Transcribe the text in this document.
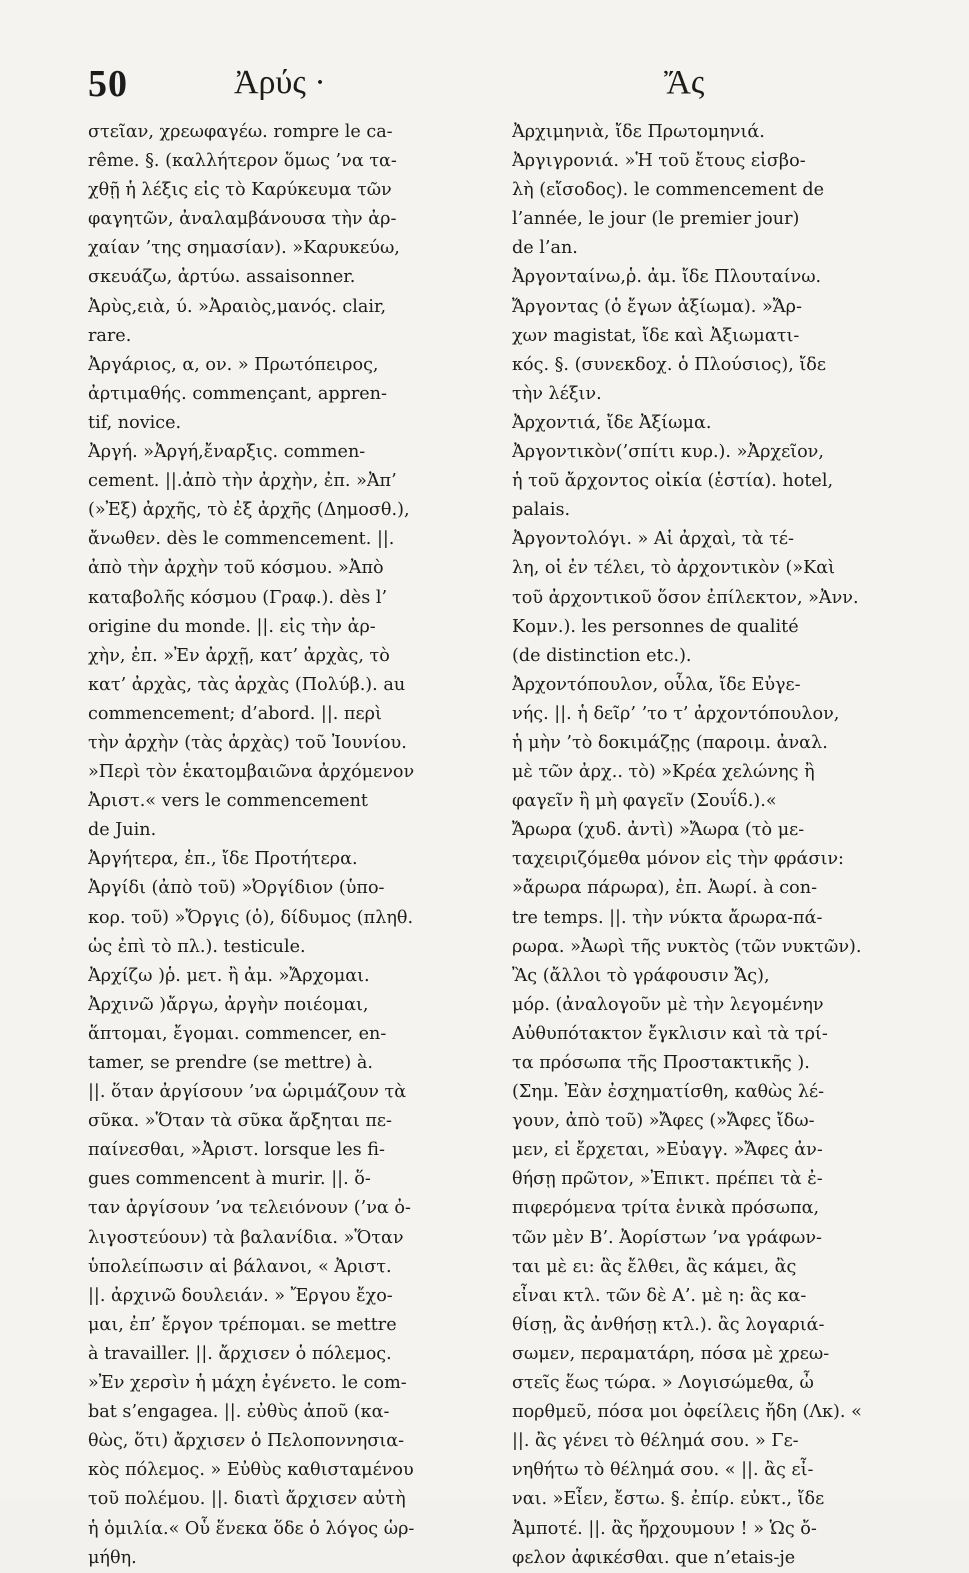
50	Ἀρύς ·	Ἄς
στεῖαν, χρεωφαγέω. rompre le ca-
rême. §. (καλλήτερον ὅμως ’να τα-
χθῇ ἡ λέξις εἰς τὸ Καρύκευμα τῶν
φαγητῶν, ἀναλαμβάνουσα τὴν ἀρ-
χαίαν ’της σημασίαν). »Καρυκεύω,
σκευάζω, ἀρτύω. assaisonner.
Ἀρὺς,ειὰ, ύ. »Ἀραιὸς,μανός. clair,
rare.
Ἀργάριος, α, ον. » Πρωτόπειρος,
ἀρτιμαθής. commençant, appren-
tif, novice.
Ἀργή. »Ἀργή,ἔναρξις. commen-
cement. ||.ἀπὸ τὴν ἀρχὴν, ἐπ. »Ἀπ’
(»Ἐξ) ἀρχῆς, τὸ ἐξ ἀρχῆς (Δημοσθ.),
ἄνωθεν. dès le commencement. ||.
ἀπὸ τὴν ἀρχὴν τοῦ κόσμου. »Ἀπὸ
καταβολῆς κόσμου (Γραφ.). dès l’
origine du monde. ||. εἰς τὴν ἀρ-
χὴν, ἐπ. »Ἐν ἀρχῇ, κατ’ ἀρχὰς, τὸ
κατ’ ἀρχὰς, τὰς ἀρχὰς (Πολύβ.). au
commencement; d’abord. ||. περὶ
τὴν ἀρχὴν (τὰς ἀρχὰς) τοῦ Ἰουνίου.
»Περὶ τὸν ἑκατομβαιῶνα ἀρχόμενον
Ἀριστ.« vers le commencement
de Juin.
Ἀργήτερα, ἐπ., ἴδε Προτήτερα.
Ἀργίδι (ἀπὸ τοῦ) »Ὀργίδιον (ὑπο-
κορ. τοῦ) »Ὄργις (ὁ), δίδυμος (πληθ.
ὡς ἐπὶ τὸ πλ.). testicule.
Ἀρχίζω )ῥ. μετ. ἢ ἀμ. »Ἄρχομαι.
Ἀρχινῶ )ἄργω, ἀργὴν ποιέομαι,
ἅπτομαι, ἔγομαι. commencer, en-
tamer, se prendre (se mettre) à.
||. ὅταν ἀργίσουν ’να ὡριμάζουν τὰ
σῦκα. »Ὅταν τὰ σῦκα ἄρξηται πε-
παίνεσθαι, »Ἀριστ. lorsque les fi-
gues commencent à murir. ||. ὅ-
ταν ἀργίσουν ’να τελειόνουν (’να ὀ-
λιγοστεύουν) τὰ βαλανίδια. »Ὅταν
ὑπολείπωσιν αἱ βάλανοι, « Ἀριστ.
||. ἀρχινῶ δουλειάν. » Ἔργου ἔχο-
μαι, ἐπ’ ἔργον τρέπομαι. se mettre
à travailler. ||. ἄρχισεν ὁ πόλεμος.
»Ἐν χερσὶν ἡ μάχη ἐγένετο. le com-
bat s’engagea. ||. εὐθὺς ἀποῦ (κα-
θὼς, ὅτι) ἄρχισεν ὁ Πελοποννησια-
κὸς πόλεμος. » Εὐθὺς καθισταμένου
τοῦ πολέμου. ||. διατὶ ἄρχισεν αὐτὴ
ἡ ὁμιλία.« Οὗ ἕνεκα ὅδε ὁ λόγος ὡρ-
μήθη.
Ἀρχιμηνιὰ, ἴδε Πρωτομηνιά.
Ἀργιγρονιά. »Ἡ τοῦ ἔτους εἰσβο-
λὴ (εἴσοδος). le commencement de
l’année, le jour (le premier jour)
de l’an.
Ἀργονταίνω,ῥ. ἀμ. ἴδε Πλουταίνω.
Ἄργοντας (ὁ ἔγων ἀξίωμα). »Ἄρ-
χων magistat, ἴδε καὶ Ἀξιωματι-
κός. §. (συνεκδοχ. ὁ Πλούσιος), ἴδε
τὴν λέξιν.
Ἀρχοντιά, ἴδε Ἀξίωμα.
Ἀργοντικὸν(’σπίτι κυρ.). »Ἀρχεῖον,
ἡ τοῦ ἄρχοντος οἰκία (ἑστία). hotel,
palais.
Ἀργοντολόγι. » Αἱ ἀρχαὶ, τὰ τέ-
λη, οἱ ἐν τέλει, τὸ ἀρχοντικὸν (»Καὶ
τοῦ ἀρχοντικοῦ ὅσον ἐπίλεκτον, »Ἀνν.
Κομν.). les personnes de qualité
(de distinction etc.).
Ἀρχοντόπουλον, οὗλα, ἴδε Εὐγε-
νής. ||. ἡ δεῖρ’ ’το τ’ ἀρχοντόπουλον,
ἡ μὴν ’τὸ δοκιμάζῃς (παροιμ. ἀναλ.
μὲ τῶν ἀρχ.. τὸ) »Κρέα χελώνης ἢ
φαγεῖν ἢ μὴ φαγεῖν (Σουΐδ.).«
Ἄρωρα (χυδ. ἀντὶ) »Ἄωρα (τὸ με-
ταχειριζόμεθα μόνον εἰς τὴν φράσιν:
»ἄρωρα πάρωρα), ἐπ. Ἀωρί. à con-
tre temps. ||. τὴν νύκτα ἄρωρα-πά-
ρωρα. »Ἀωρὶ τῆς νυκτὸς (τῶν νυκτῶν).
Ἂς (ἄλλοι τὸ γράφουσιν Ἄς),
μόρ. (ἀναλογοῦν μὲ τὴν λεγομένην
Αὐθυπότακτον ἔγκλισιν καὶ τὰ τρί-
τα πρόσωπα τῆς Προστακτικῆς ).
(Σημ. Ἐὰν ἐσχηματίσθη, καθὼς λέ-
γουν, ἀπὸ τοῦ) »Ἄφες (»Ἄφες ἴδω-
μεν, εἰ ἔρχεται, »Εὐαγγ. »Ἄφες ἀν-
θήσῃ πρῶτον, »Ἐπικτ. πρέπει τὰ ἐ-
πιφερόμενα τρίτα ἑνικὰ πρόσωπα,
τῶν μὲν Β’. Ἀορίστων ’να γράφων-
ται μὲ ει: ἂς ἔλθει, ἂς κάμει, ἂς
εἶναι κτλ. τῶν δὲ Α’. μὲ η: ἂς κα-
θίσῃ, ἂς ἀνθήσῃ κτλ.). ἂς λογαριά-
σωμεν, περαματάρη, πόσα μὲ χρεω-
στεῖς ἕως τώρα. » Λογισώμεθα, ὦ
πορθμεῦ, πόσα μοι ὀφείλεις ἤδη (Λκ). «
||. ἂς γένει τὸ θέλημά σου. » Γε-
νηθήτω τὸ θέλημά σου. « ||. ἂς εἶ-
ναι. »Εἶεν, ἔστω. §. ἐπίρ. εὐκτ., ἴδε
Ἀμποτέ. ||. ἂς ἤρχουμουν ! » Ὡς ὄ-
φελον ἀφικέσθαι. que n’etais-je
